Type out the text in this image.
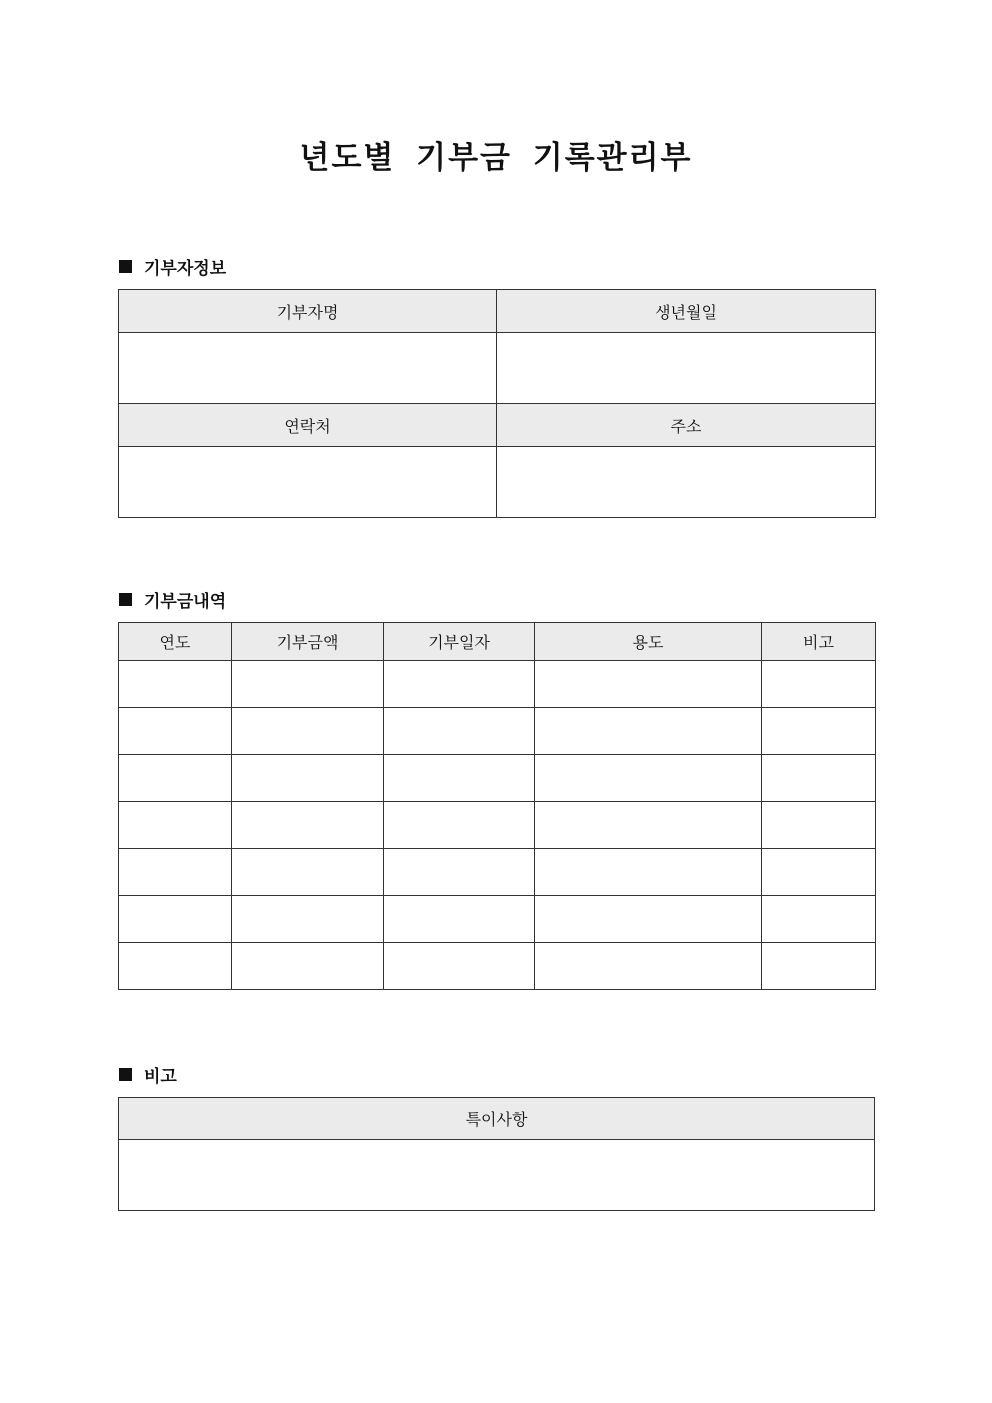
년도별 기부금 기록관리부
기부자정보
기부자명	생년월일

연락처	주소

기부금내역
연도	기부금액	기부일자	용도	비고

비고
특이사항
